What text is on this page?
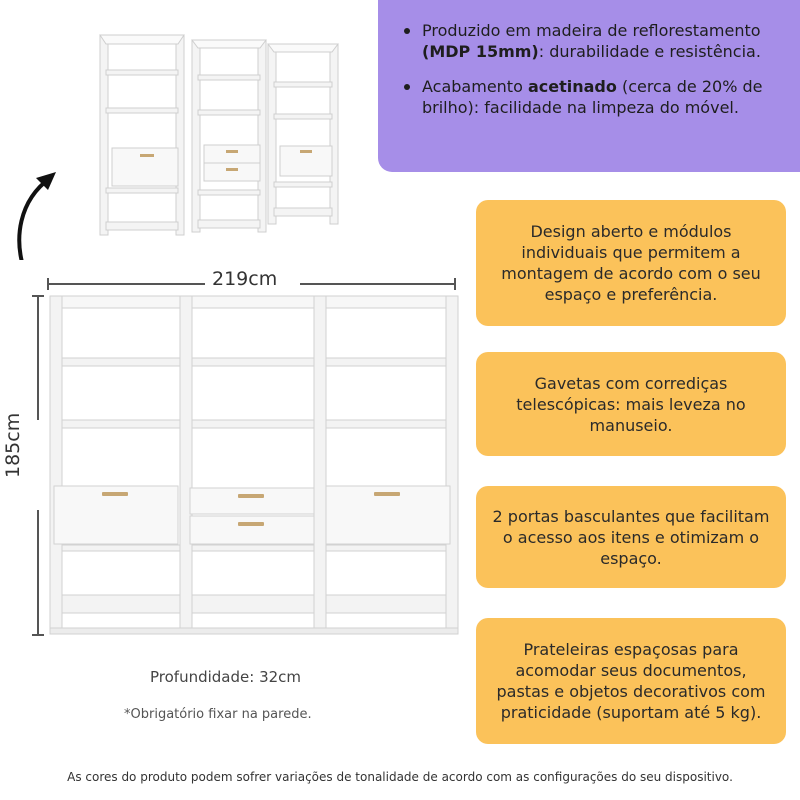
Produzido em madeira de reflorestamento (MDP 15mm): durabilidade e resistência.
Acabamento acetinado (cerca de 20% de brilho): facilidade na limpeza do móvel.
Design aberto e módulos individuais que permitem a montagem de acordo com o seu espaço e preferência.
Gavetas com corrediças telescópicas: mais leveza no manuseio.
2 portas basculantes que facilitam o acesso aos itens e otimizam o espaço.
Prateleiras espaçosas para acomodar seus documentos, pastas e objetos decorativos com praticidade (suportam até 5 kg).
219cm
185cm
Profundidade: 32cm
*Obrigatório fixar na parede.
As cores do produto podem sofrer variações de tonalidade de acordo com as configurações do seu dispositivo.
